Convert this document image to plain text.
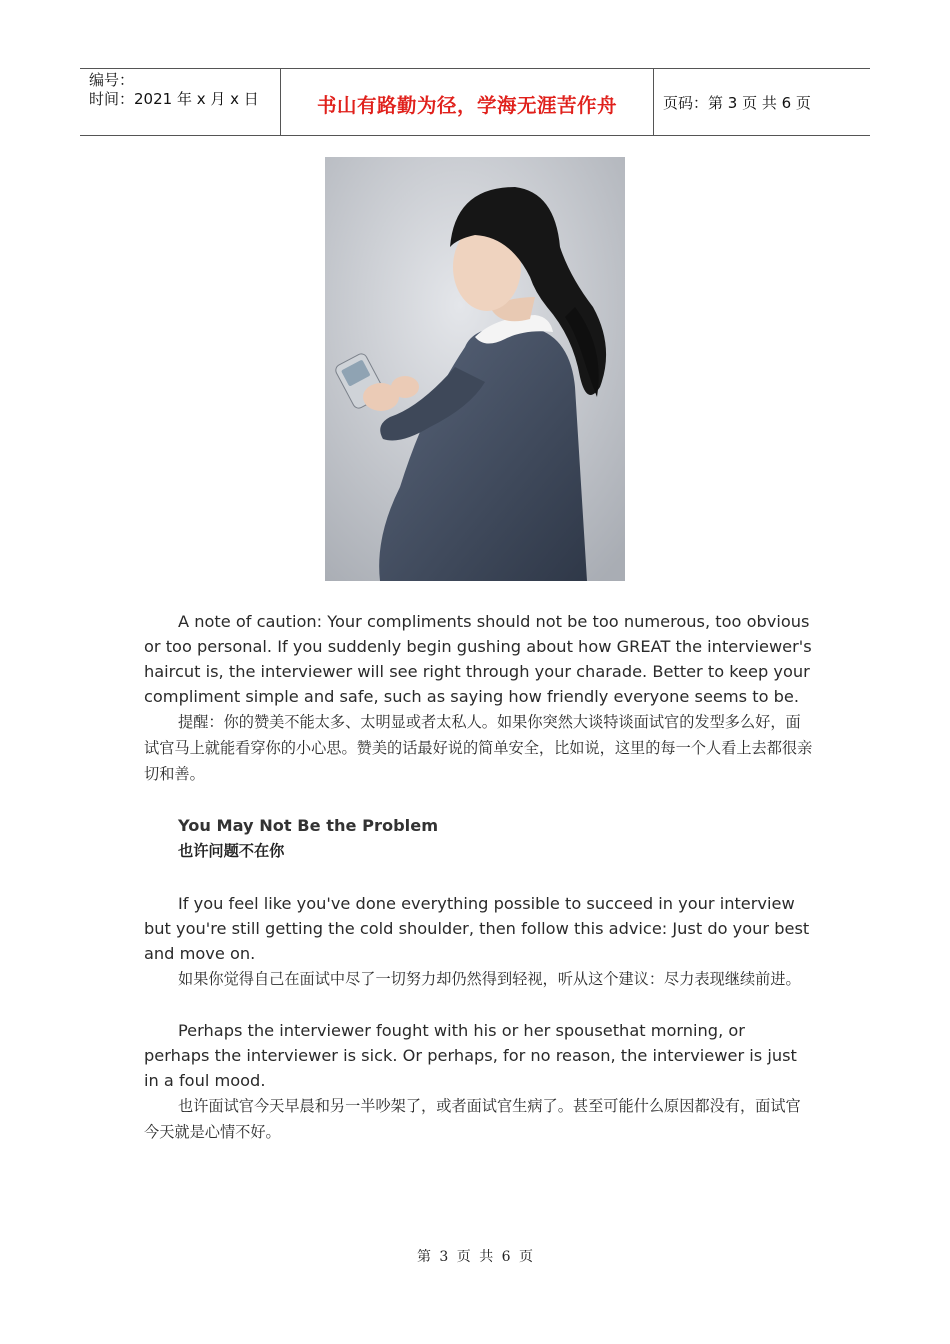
编号：
时间：2021 年 x 月 x 日	书山有路勤为径，学海无涯苦作舟	页码：第 3 页 共 6 页

A note of caution: Your compliments should not be too numerous, too obvious or too personal. If you suddenly begin gushing about how GREAT the interviewer's haircut is, the interviewer will see right through your charade. Better to keep your compliment simple and safe, such as saying how friendly everyone seems to be.

提醒：你的赞美不能太多、太明显或者太私人。如果你突然大谈特谈面试官的发型多么好，面试官马上就能看穿你的小心思。赞美的话最好说的简单安全，比如说，这里的每一个人看上去都很亲切和善。

You May Not Be the Problem

也许问题不在你

If you feel like you've done everything possible to succeed in your interview but you're still getting the cold shoulder, then follow this advice: Just do your best and move on.

如果你觉得自己在面试中尽了一切努力却仍然得到轻视，听从这个建议：尽力表现继续前进。

Perhaps the interviewer fought with his or her spousethat morning, or perhaps the interviewer is sick. Or perhaps, for no reason, the interviewer is just in a foul mood.

也许面试官今天早晨和另一半吵架了，或者面试官生病了。甚至可能什么原因都没有，面试官今天就是心情不好。

第 3 页 共 6 页
